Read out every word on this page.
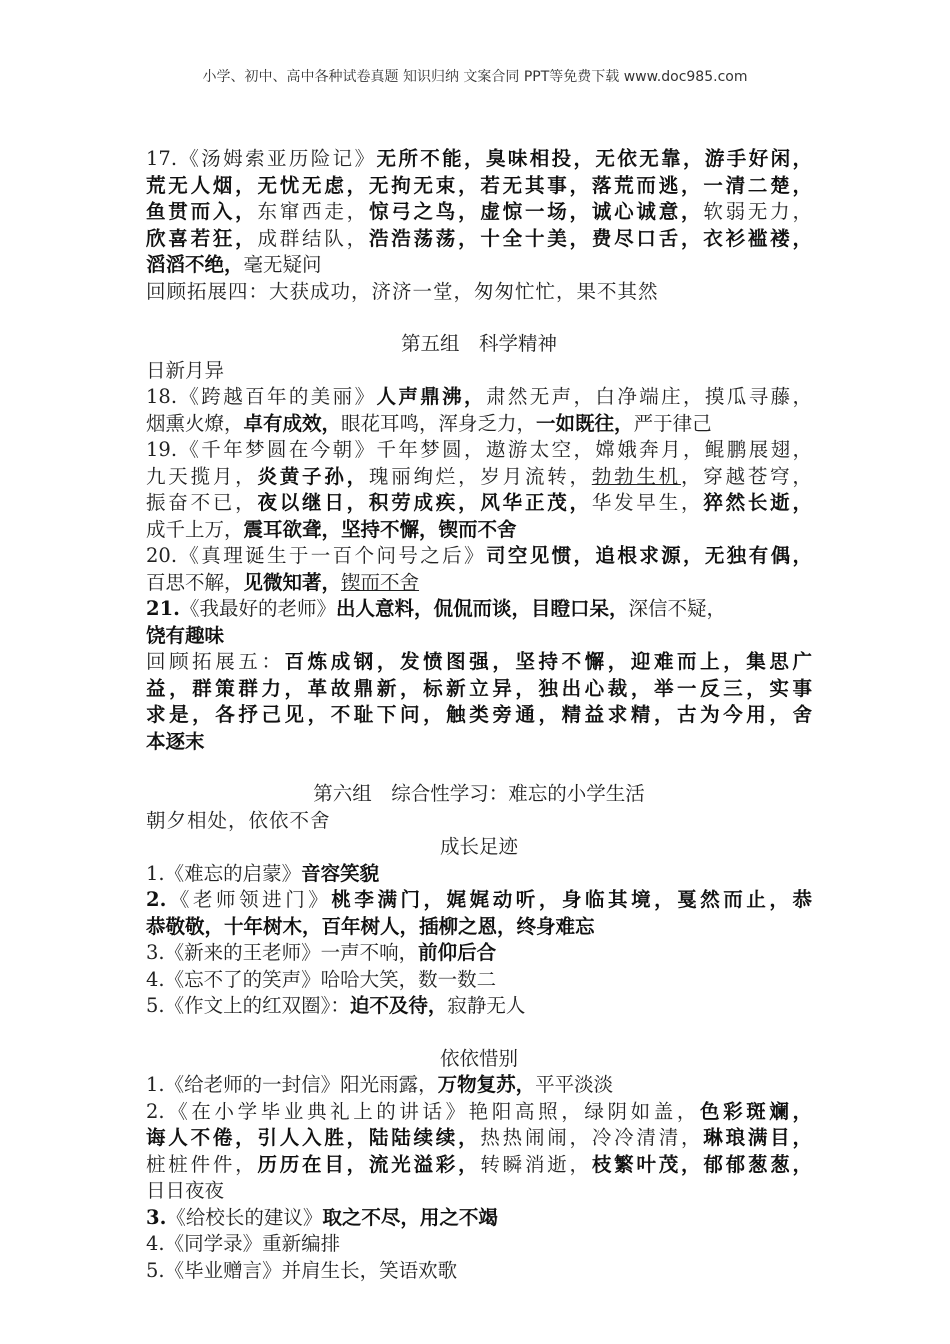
小学、初中、高中各种试卷真题 知识归纳 文案合同 PPT等免费下载 www.doc985.com
17.《汤姆索亚历险记》无所不能，臭味相投，无依无靠，游手好闲，
荒无人烟，无忧无虑，无拘无束，若无其事，落荒而逃，一清二楚，
鱼贯而入，东窜西走，惊弓之鸟，虚惊一场，诚心诚意，软弱无力，
欣喜若狂，成群结队，浩浩荡荡，十全十美，费尽口舌，衣衫褴褛，
滔滔不绝，毫无疑问
回顾拓展四：大获成功，济济一堂，匆匆忙忙，果不其然

第五组　科学精神
日新月异
18.《跨越百年的美丽》人声鼎沸，肃然无声，白净端庄，摸瓜寻藤，
烟熏火燎，卓有成效，眼花耳鸣，浑身乏力，一如既往，严于律己
19.《千年梦圆在今朝》千年梦圆，遨游太空，嫦娥奔月，鲲鹏展翅，
九天揽月，炎黄子孙，瑰丽绚烂，岁月流转，勃勃生机，穿越苍穹，
振奋不已，夜以继日，积劳成疾，风华正茂，华发早生，猝然长逝，
成千上万，震耳欲聋，坚持不懈，锲而不舍
20.《真理诞生于一百个问号之后》司空见惯，追根求源，无独有偶，
百思不解，见微知著，锲而不舍
21.《我最好的老师》出人意料，侃侃而谈，目瞪口呆，深信不疑，
饶有趣味
回顾拓展五：百炼成钢，发愤图强，坚持不懈，迎难而上，集思广
益，群策群力，革故鼎新，标新立异，独出心裁，举一反三，实事
求是，各抒己见，不耻下问，触类旁通，精益求精，古为今用，舍
本逐末

第六组　综合性学习：难忘的小学生活
朝夕相处，依依不舍
成长足迹
1.《难忘的启蒙》音容笑貌
2.《老师领进门》桃李满门，娓娓动听，身临其境，戛然而止，恭
恭敬敬，十年树木，百年树人，插柳之恩，终身难忘
3.《新来的王老师》一声不响，前仰后合
4.《忘不了的笑声》哈哈大笑，数一数二
5.《作文上的红双圈》：迫不及待，寂静无人

依依惜别
1.《给老师的一封信》阳光雨露，万物复苏，平平淡淡
2.《在小学毕业典礼上的讲话》艳阳高照，绿阴如盖，色彩斑斓，
诲人不倦，引人入胜，陆陆续续，热热闹闹，冷冷清清，琳琅满目，
桩桩件件，历历在目，流光溢彩，转瞬消逝，枝繁叶茂，郁郁葱葱，
日日夜夜
3.《给校长的建议》取之不尽，用之不竭
4.《同学录》重新编排
5.《毕业赠言》并肩生长，笑语欢歌
